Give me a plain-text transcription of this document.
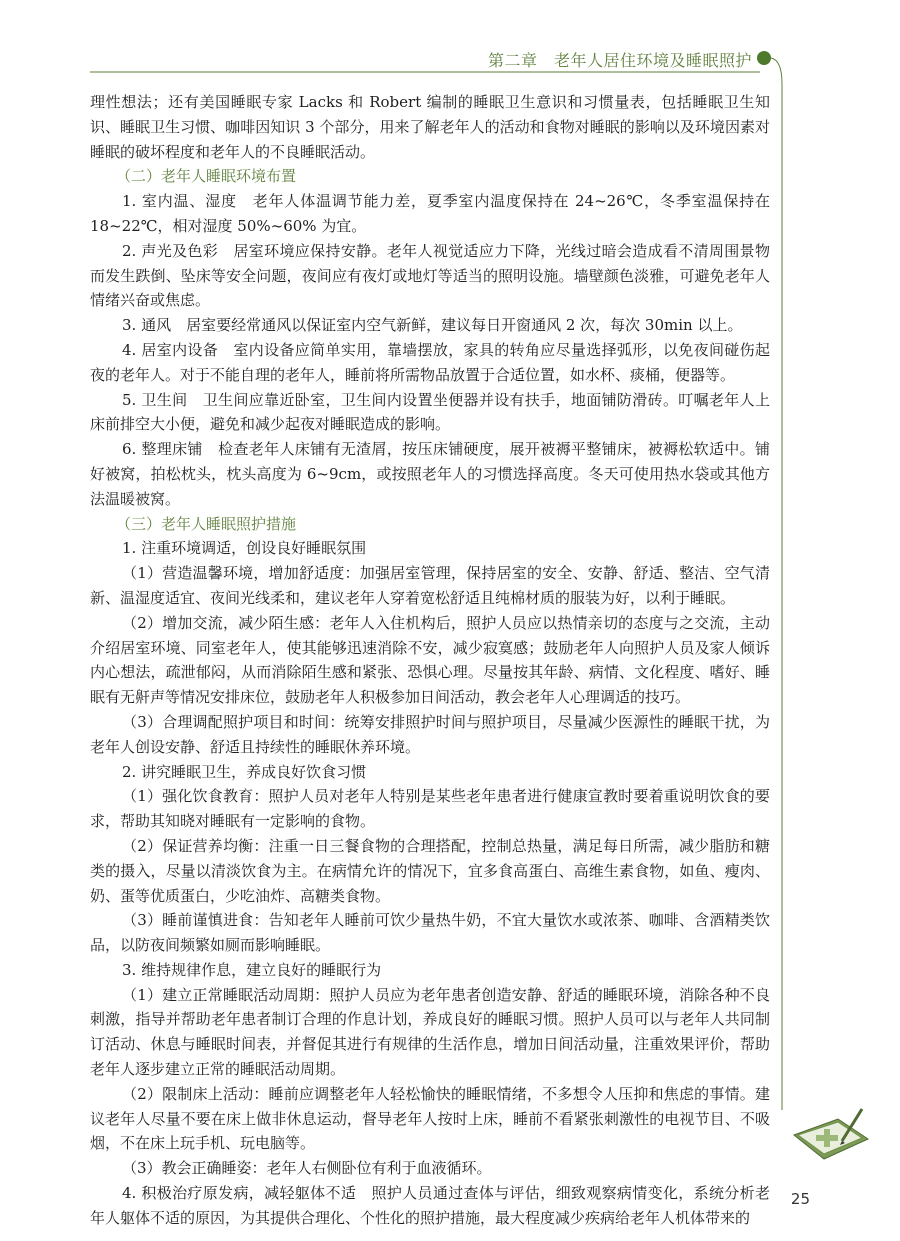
第二章　老年人居住环境及睡眠照护

理性想法；还有美国睡眠专家 Lacks 和 Robert 编制的睡眠卫生意识和习惯量表，包括睡眠卫生知识、睡眠卫生习惯、咖啡因知识 3 个部分，用来了解老年人的活动和食物对睡眠的影响以及环境因素对睡眠的破坏程度和老年人的不良睡眠活动。

（二）老年人睡眠环境布置

1. 室内温、湿度　老年人体温调节能力差，夏季室内温度保持在 24~26℃，冬季室温保持在 18~22℃，相对湿度 50%~60% 为宜。

2. 声光及色彩　居室环境应保持安静。老年人视觉适应力下降，光线过暗会造成看不清周围景物而发生跌倒、坠床等安全问题，夜间应有夜灯或地灯等适当的照明设施。墙壁颜色淡雅，可避免老年人情绪兴奋或焦虑。

3. 通风　居室要经常通风以保证室内空气新鲜，建议每日开窗通风 2 次，每次 30min 以上。

4. 居室内设备　室内设备应简单实用，靠墙摆放，家具的转角应尽量选择弧形，以免夜间碰伤起夜的老年人。对于不能自理的老年人，睡前将所需物品放置于合适位置，如水杯、痰桶，便器等。

5. 卫生间　卫生间应靠近卧室，卫生间内设置坐便器并设有扶手，地面铺防滑砖。叮嘱老年人上床前排空大小便，避免和减少起夜对睡眠造成的影响。

6. 整理床铺　检查老年人床铺有无渣屑，按压床铺硬度，展开被褥平整铺床，被褥松软适中。铺好被窝，拍松枕头，枕头高度为 6~9cm，或按照老年人的习惯选择高度。冬天可使用热水袋或其他方法温暖被窝。

（三）老年人睡眠照护措施

1. 注重环境调适，创设良好睡眠氛围

（1）营造温馨环境，增加舒适度：加强居室管理，保持居室的安全、安静、舒适、整洁、空气清新、温湿度适宜、夜间光线柔和，建议老年人穿着宽松舒适且纯棉材质的服装为好，以利于睡眠。

（2）增加交流，减少陌生感：老年人入住机构后，照护人员应以热情亲切的态度与之交流，主动介绍居室环境、同室老年人，使其能够迅速消除不安，减少寂寞感；鼓励老年人向照护人员及家人倾诉内心想法，疏泄郁闷，从而消除陌生感和紧张、恐惧心理。尽量按其年龄、病情、文化程度、嗜好、睡眠有无鼾声等情况安排床位，鼓励老年人积极参加日间活动，教会老年人心理调适的技巧。

（3）合理调配照护项目和时间：统筹安排照护时间与照护项目，尽量减少医源性的睡眠干扰，为老年人创设安静、舒适且持续性的睡眠休养环境。

2. 讲究睡眠卫生，养成良好饮食习惯

（1）强化饮食教育：照护人员对老年人特别是某些老年患者进行健康宣教时要着重说明饮食的要求，帮助其知晓对睡眠有一定影响的食物。

（2）保证营养均衡：注重一日三餐食物的合理搭配，控制总热量，满足每日所需，减少脂肪和糖类的摄入，尽量以清淡饮食为主。在病情允许的情况下，宜多食高蛋白、高维生素食物，如鱼、瘦肉、奶、蛋等优质蛋白，少吃油炸、高糖类食物。

（3）睡前谨慎进食：告知老年人睡前可饮少量热牛奶，不宜大量饮水或浓茶、咖啡、含酒精类饮品，以防夜间频繁如厕而影响睡眠。

3. 维持规律作息，建立良好的睡眠行为

（1）建立正常睡眠活动周期：照护人员应为老年患者创造安静、舒适的睡眠环境，消除各种不良刺激，指导并帮助老年患者制订合理的作息计划，养成良好的睡眠习惯。照护人员可以与老年人共同制订活动、休息与睡眠时间表，并督促其进行有规律的生活作息，增加日间活动量，注重效果评价，帮助老年人逐步建立正常的睡眠活动周期。

（2）限制床上活动：睡前应调整老年人轻松愉快的睡眠情绪，不多想令人压抑和焦虑的事情。建议老年人尽量不要在床上做非休息运动，督导老年人按时上床，睡前不看紧张刺激性的电视节目、不吸烟，不在床上玩手机、玩电脑等。

（3）教会正确睡姿：老年人右侧卧位有利于血液循环。

4. 积极治疗原发病，减轻躯体不适　照护人员通过查体与评估，细致观察病情变化，系统分析老年人躯体不适的原因，为其提供合理化、个性化的照护措施，最大程度减少疾病给老年人机体带来的

25
